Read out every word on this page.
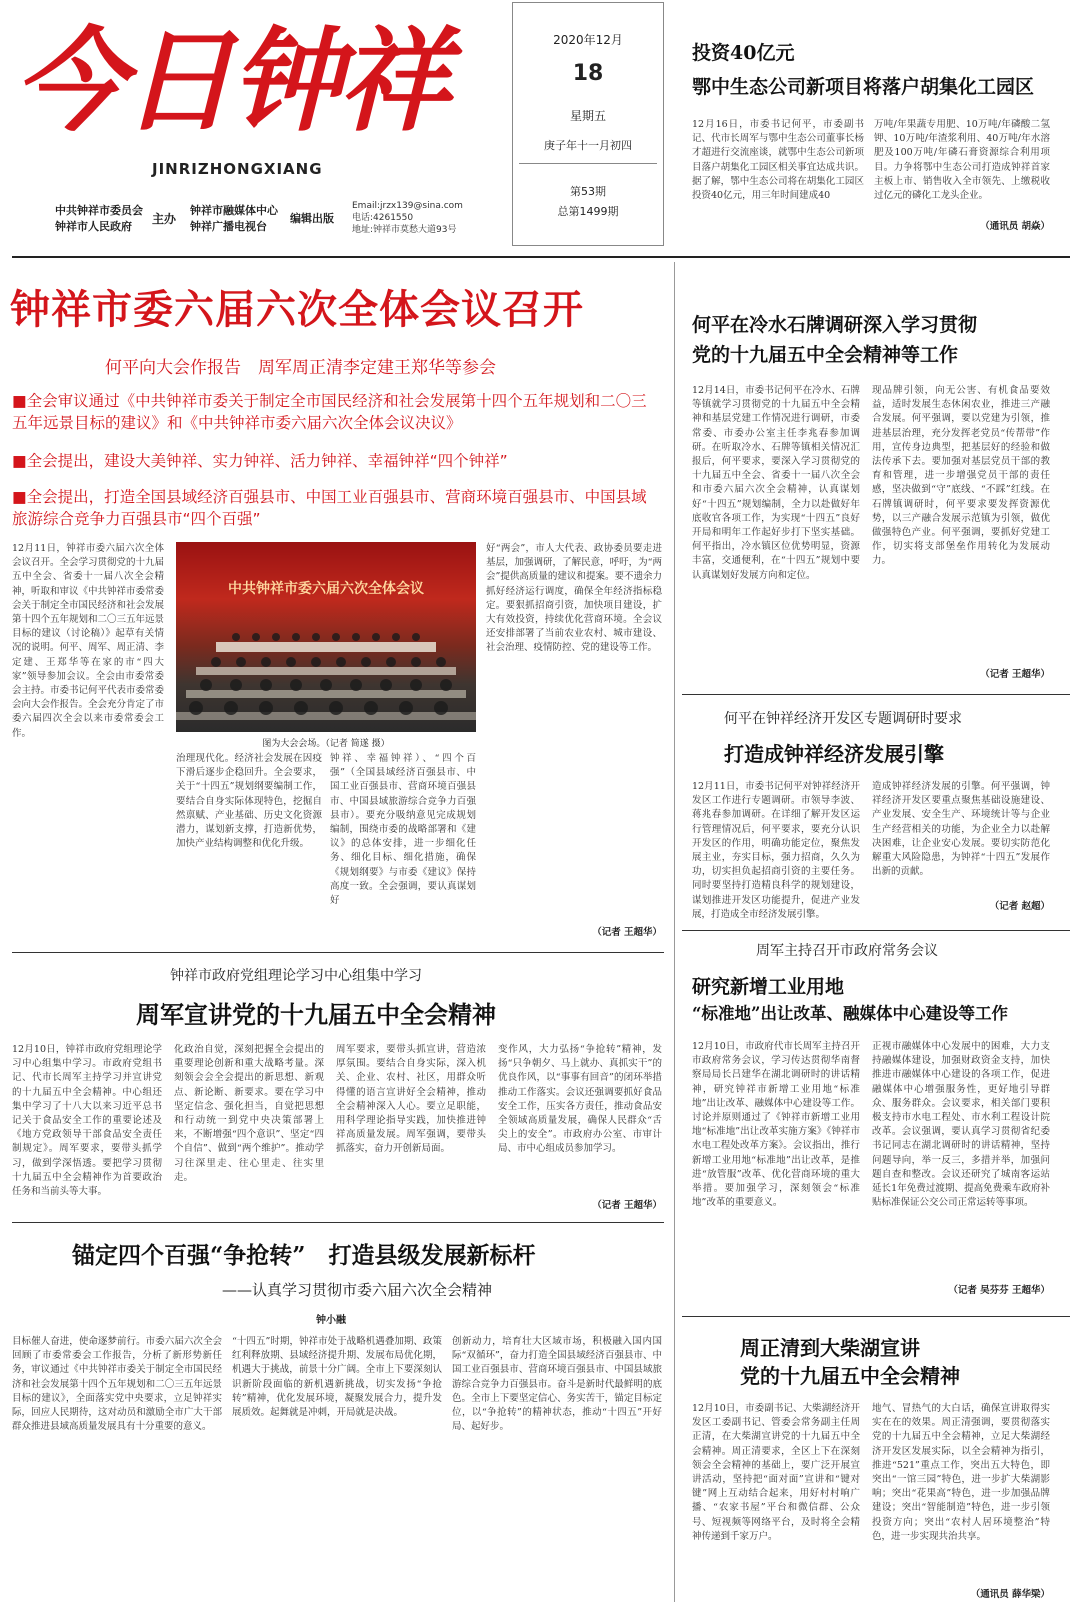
今日钟祥
JINRIZHONGXIANG
中共钟祥市委员会
钟祥市人民政府
主办
钟祥市融媒体中心
钟祥广播电视台
编辑出版
Email:jrzx139@sina.com
电话:4261550
地址:钟祥市莫愁大道93号
2020年12月
18
星期五
庚子年十一月初四
第53期
总第1499期
投资40亿元
鄂中生态公司新项目将落户胡集化工园区
12月16日，市委书记何平，市委副书记、代市长周军与鄂中生态公司董事长杨才超进行交流座谈，就鄂中生态公司新项目落户胡集化工园区相关事宜达成共识。据了解，鄂中生态公司将在胡集化工园区投资40亿元，用三年时间建成40
万吨/年果蔬专用肥、10万吨/年磷酸二氢钾、10万吨/年渣浆利用、40万吨/年水溶肥及100万吨/年磷石膏资源综合利用项目。力争将鄂中生态公司打造成钟祥首家主板上市、销售收入全市领先、上缴税收过亿元的磷化工龙头企业。
（通讯员 胡焱）
钟祥市委六届六次全体会议召开
何平向大会作报告　周军周正清李定建王郑华等参会
■全会审议通过《中共钟祥市委关于制定全市国民经济和社会发展第十四个五年规划和二〇三五年远景目标的建议》和《中共钟祥市委六届六次全体会议决议》
■全会提出，建设大美钟祥、实力钟祥、活力钟祥、幸福钟祥“四个钟祥”
■全会提出，打造全国县域经济百强县市、中国工业百强县市、营商环境百强县市、中国县域旅游综合竞争力百强县市“四个百强”
12月11日，钟祥市委六届六次全体会议召开。全会学习贯彻党的十九届五中全会、省委十一届八次全会精神，听取和审议《中共钟祥市委常委会关于制定全市国民经济和社会发展第十四个五年规划和二〇三五年远景目标的建议（讨论稿）》起草有关情况的说明。何平、周军、周正清、李定建、王郑华等在家的市“四大家”领导参加会议。全会由市委常委会主持。市委书记何平代表市委常委会向大会作报告。全会充分肯定了市委六届四次全会以来市委常委会工作。
中共钟祥市委六届六次全体会议
图为大会会场。（记者 简遂 摄）
治理现代化。经济社会发展在因疫下滑后逐步企稳回升。全会要求，关于“十四五”规划纲要编制工作，要结合自身实际体现特色，挖掘自然禀赋、产业基础、历史文化资源潜力，谋划新支撑，打造新优势，加快产业结构调整和优化升级。
钟祥、幸福钟祥）、“四个百强”（全国县域经济百强县市、中国工业百强县市、营商环境百强县市、中国县域旅游综合竞争力百强县市）。要充分吸纳意见完成规划编制，围绕市委的战略部署和《建议》的总体安排，进一步细化任务、细化目标、细化措施，确保《规划纲要》与市委《建议》保持高度一致。全会强调，要认真谋划好
好“两会”，市人大代表、政协委员要走进基层，加强调研，了解民意，呼吁，为“两会”提供高质量的建议和提案。要不遗余力抓好经济运行调度，确保全年经济指标稳定。要狠抓招商引资，加快项目建设，扩大有效投资，持续优化营商环境。全会议还安排部署了当前农业农村、城市建设、社会治理、疫情防控、党的建设等工作。
（记者 王超华）
钟祥市政府党组理论学习中心组集中学习
周军宣讲党的十九届五中全会精神
12月10日，钟祥市政府党组理论学习中心组集中学习。市政府党组书记、代市长周军主持学习并宣讲党的十九届五中全会精神。中心组还集中学习了十八大以来习近平总书记关于食品安全工作的重要论述及《地方党政领导干部食品安全责任制规定》。周军要求，要带头抓学习，做到学深悟透。要把学习贯彻十九届五中全会精神作为首要政治任务和当前头等大事。
化政治自觉，深刻把握全会提出的重要理论创新和重大战略考量。深刻领会会全会提出的新思想、新观点、新论断、新要求。要在学习中坚定信念、强化担当，自觉把思想和行动统一到党中央决策部署上来，不断增强“四个意识”、坚定“四个自信”、做到“两个维护”。推动学习往深里走、往心里走、往实里走。
周军要求，要带头抓宣讲，营造浓厚氛围。要结合自身实际，深入机关、企业、农村、社区，用群众听得懂的语言宣讲好全会精神，推动全会精神深入人心。要立足职能，用科学理论指导实践，加快推进钟祥高质量发展。周军强调，要带头抓落实，奋力开创新局面。
变作风，大力弘扬“争抢转”精神，发扬“只争朝夕、马上就办、真抓实干”的优良作风，以“事事有回音”的闭环举措推动工作落实。会议还强调要抓好食品安全工作，压实各方责任，推动食品安全领域高质量发展，确保人民群众“舌尖上的安全”。市政府办公室、市审计局、市中心组成员参加学习。
（记者 王超华）
锚定四个百强“争抢转”　打造县级发展新标杆
——认真学习贯彻市委六届六次全会精神
钟小融
目标催人奋进，使命逐梦前行。市委六届六次全会回顾了市委常委会工作报告，分析了新形势新任务，审议通过《中共钟祥市委关于制定全市国民经济和社会发展第十四个五年规划和二〇三五年远景目标的建议》，全面落实党中央要求，立足钟祥实际，回应人民期待，这对动员和激励全市广大干部群众推进县域高质量发展具有十分重要的意义。
“十四五”时期，钟祥市处于战略机遇叠加期、政策红利释放期、县域经济提升期、发展布局优化期，机遇大于挑战，前景十分广阔。全市上下要深刻认识新阶段面临的新机遇新挑战，切实发扬“争抢转”精神，优化发展环境，凝聚发展合力，提升发展质效。起舞就是冲刺，开局就是决战。
创新动力，培育壮大区域市场，积极融入国内国际“双循环”，奋力打造全国县域经济百强县市、中国工业百强县市、营商环境百强县市、中国县域旅游综合竞争力百强县市。奋斗是新时代最鲜明的底色。全市上下要坚定信心、务实苦干，锚定目标定位，以“争抢转”的精神状态，推动“十四五”开好局、起好步。
何平在冷水石牌调研深入学习贯彻
党的十九届五中全会精神等工作
12月14日，市委书记何平在冷水、石牌等镇就学习贯彻党的十九届五中全会精神和基层党建工作情况进行调研，市委常委、市委办公室主任李兆春参加调研。在听取冷水、石牌等镇相关情况汇报后，何平要求，要深入学习贯彻党的十九届五中全会、省委十一届八次全会和市委六届六次全会精神，认真谋划好“十四五”规划编制，全力以赴做好年底收官各项工作，为实现“十四五”良好开局和明年工作起好步打下坚实基础。何平指出，冷水镇区位优势明显，资源丰富，交通便利，在“十四五”规划中要认真谋划好发展方向和定位。
现品牌引领，向无公害、有机食品要效益，适时发展生态休闲农业，推进三产融合发展。何平强调，要以党建为引领，推进基层治理，充分发挥老党员“传帮带”作用，宣传身边典型，把基层好的经验和做法传承下去。要加强对基层党员干部的教育和管理，进一步增强党员干部的责任感，坚决做到“守”底线、“不踩”红线。在石牌镇调研时，何平要求要发挥资源优势，以三产融合发展示范镇为引领，做优做强特色产业。何平强调，要抓好党建工作，切实将支部堡垒作用转化为发展动力。
（记者 王超华）
何平在钟祥经济开发区专题调研时要求
打造成钟祥经济发展引擎
12月11日，市委书记何平对钟祥经济开发区工作进行专题调研。市领导李波、蒋兆春参加调研。在详细了解开发区运行管理情况后，何平要求，要充分认识开发区的作用，明确功能定位，聚焦发展主业，夯实目标，强力招商，久久为功，切实担负起招商引资的主要任务。同时要坚持打造精良科学的规划建设，谋划推进开发区功能提升，促进产业发展，打造成全市经济发展引擎。
造成钟祥经济发展的引擎。何平强调，钟祥经济开发区要重点聚焦基础设施建设、产业发展、安全生产、环境统计等与企业生产经营相关的功能，为企业全力以赴解决困难，让企业安心发展。要切实防范化解重大风险隐患，为钟祥“十四五”发展作出新的贡献。
（记者 赵超）
周军主持召开市政府常务会议
研究新增工业用地
“标准地”出让改革、融媒体中心建设等工作
12月10日，市政府代市长周军主持召开市政府常务会议，学习传达贯彻华南督察局局长吕建华在湖北调研时的讲话精神，研究钟祥市新增工业用地“标准地”出让改革、融媒体中心建设等工作。讨论并原则通过了《钟祥市新增工业用地“标准地”出让改革实施方案》《钟祥市水电工程处改革方案》。会议指出，推行新增工业用地“标准地”出让改革，是推进“放管服”改革、优化营商环境的重大举措。要加强学习，深刻领会“标准地”改革的重要意义。
正视市融媒体中心发展中的困难，大力支持融媒体建设，加强财政资金支持，加快推进市融媒体中心建设的各项工作，促进融媒体中心增强服务性，更好地引导群众、服务群众。会议要求，相关部门要积极支持市水电工程处、市水利工程设计院改革。会议强调，要认真学习贯彻省纪委书记同志在湖北调研时的讲话精神，坚持问题导向，举一反三，多措并举，加强问题自查和整改。会议还研究了城南客运站延长1年免费过渡期、提高免费乘车政府补贴标准保证公交公司正常运转等事项。
（记者 吴芬芬 王超华）
周正清到大柴湖宣讲
党的十九届五中全会精神
12月10日，市委副书记、大柴湖经济开发区工委副书记、管委会常务副主任周正清，在大柴湖宣讲党的十九届五中全会精神。周正清要求，全区上下在深刻领会全会精神的基础上，要广泛开展宣讲活动，坚持把“面对面”宣讲和“键对键”网上互动结合起来，用好村村响广播、“农家书屋”平台和微信群、公众号、短视频等网络平台，及时将全会精神传递到千家万户。
地气、冒热气的大白话，确保宣讲取得实实在在的效果。周正清强调，要贯彻落实党的十九届五中全会精神，立足大柴湖经济开发区发展实际，以全会精神为指引，推进“521”重点工作，突出五大特色，即突出“一馆三园”特色，进一步扩大柴湖影响；突出“花果高”特色，进一步加强品牌建设；突出“智能制造”特色，进一步引领投资方向；突出“农村人居环境整治”特色，进一步实现共治共享。
（通讯员 薛华梁）
